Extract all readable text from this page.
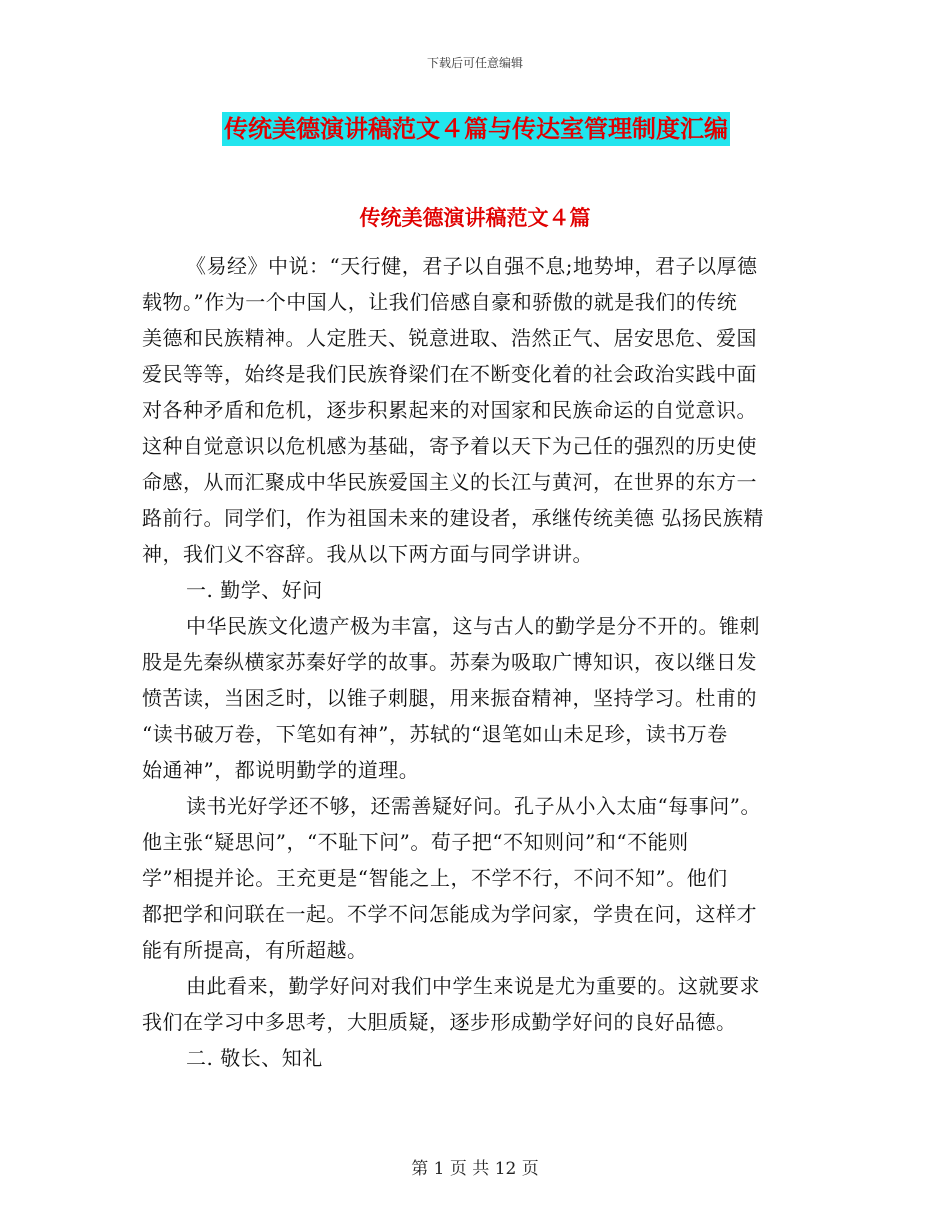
下载后可任意编辑
传统美德演讲稿范文４篇与传达室管理制度汇编
传统美德演讲稿范文４篇
《易经》中说：“天行健，君子以自强不息;地势坤，君子以厚德
载物。”作为一个中国人，让我们倍感自豪和骄傲的就是我们的传统
美德和民族精神。人定胜天、锐意进取、浩然正气、居安思危、爱国
爱民等等，始终是我们民族脊梁们在不断变化着的社会政治实践中面
对各种矛盾和危机，逐步积累起来的对国家和民族命运的自觉意识。
这种自觉意识以危机感为基础，寄予着以天下为己任的强烈的历史使
命感，从而汇聚成中华民族爱国主义的长江与黄河，在世界的东方一
路前行。同学们，作为祖国未来的建设者，承继传统美德 弘扬民族精
神，我们义不容辞。我从以下两方面与同学讲讲。
一. 勤学、好问
中华民族文化遗产极为丰富，这与古人的勤学是分不开的。锥刺
股是先秦纵横家苏秦好学的故事。苏秦为吸取广博知识，夜以继日发
愤苦读，当困乏时，以锥子刺腿，用来振奋精神，坚持学习。杜甫的
“读书破万卷，下笔如有神”，苏轼的“退笔如山未足珍，读书万卷
始通神”，都说明勤学的道理。
读书光好学还不够，还需善疑好问。孔子从小入太庙“每事问”。
他主张“疑思问”，“不耻下问”。荀子把“不知则问”和“不能则
学”相提并论。王充更是“智能之上，不学不行，不问不知”。他们
都把学和问联在一起。不学不问怎能成为学问家，学贵在问，这样才
能有所提高，有所超越。
由此看来，勤学好问对我们中学生来说是尤为重要的。这就要求
我们在学习中多思考，大胆质疑，逐步形成勤学好问的良好品德。
二. 敬长、知礼
第 1 页 共 12 页
